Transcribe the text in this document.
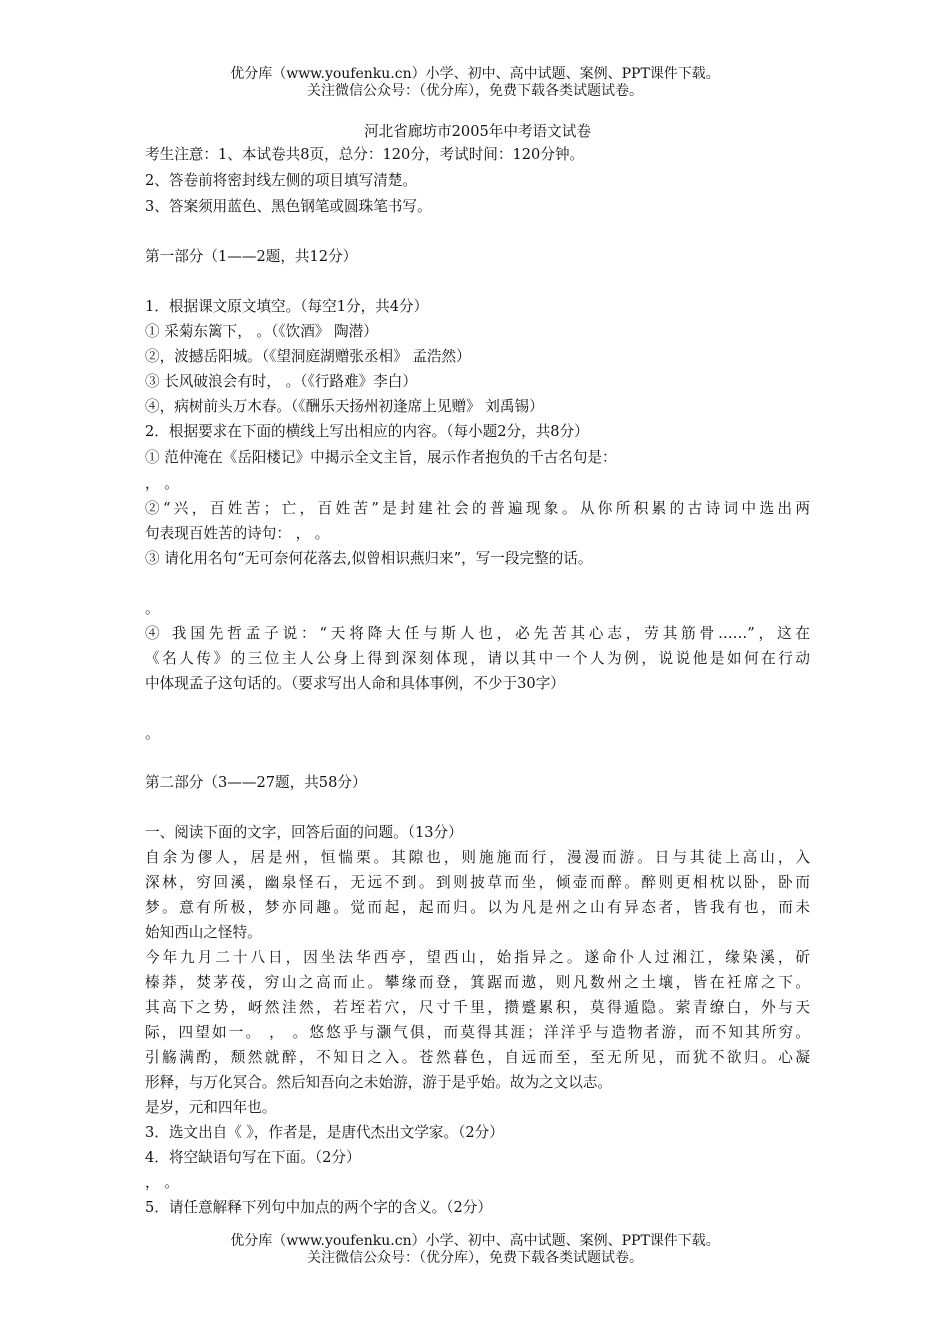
优分库（www.youfenku.cn）小学、初中、高中试题、案例、PPT课件下载。
关注微信公众号：（优分库），免费下载各类试题试卷。
河北省廊坊市2005年中考语文试卷
考生注意：1、本试卷共8页，总分：120分，考试时间：120分钟。
2、答卷前将密封线左侧的项目填写清楚。
3、答案须用蓝色、黑色钢笔或圆珠笔书写。
第一部分（1——2题，共12分）
1．根据课文原文填空。（每空1分，共4分）
① 采菊东篱下， 。（《饮酒》 陶潜）
②，波撼岳阳城。（《望洞庭湖赠张丞相》 孟浩然）
③ 长风破浪会有时， 。（《行路难》李白）
④，病树前头万木春。（《酬乐天扬州初逢席上见赠》 刘禹锡）
2．根据要求在下面的横线上写出相应的内容。（每小题2分，共8分）
① 范仲淹在《岳阳楼记》中揭示全文主旨，展示作者抱负的千古名句是：
， 。
②“兴，百姓苦；亡，百姓苦”是封建社会的普遍现象。从你所积累的古诗词中选出两
句表现百姓苦的诗句： ， 。
③ 请化用名句“无可奈何花落去,似曾相识燕归来”，写一段完整的话。
。
④ 我国先哲孟子说：“天将降大任与斯人也，必先苦其心志，劳其筋骨……”，这在
《名人传》的三位主人公身上得到深刻体现，请以其中一个人为例，说说他是如何在行动
中体现孟子这句话的。（要求写出人命和具体事例，不少于30字）
。
第二部分（3——27题，共58分）
一、阅读下面的文字，回答后面的问题。（13分）
自余为僇人，居是州，恒惴栗。其隙也，则施施而行，漫漫而游。日与其徒上高山，入
深林，穷回溪，幽泉怪石，无远不到。到则披草而坐，倾壶而醉。醉则更相枕以卧，卧而
梦。意有所极，梦亦同趣。觉而起，起而归。以为凡是州之山有异态者，皆我有也，而未
始知西山之怪特。
今年九月二十八日，因坐法华西亭，望西山，始指异之。遂命仆人过湘江，缘染溪，斫
榛莽，焚茅茷，穷山之高而止。攀缘而登，箕踞而遨，则凡数州之土壤，皆在衽席之下。
其高下之势，岈然洼然，若垤若穴，尺寸千里，攒蹙累积，莫得遁隐。萦青缭白，外与天
际，四望如一。 ， 。悠悠乎与灏气俱，而莫得其涯；洋洋乎与造物者游，而不知其所穷。
引觞满酌，颓然就醉，不知日之入。苍然暮色，自远而至，至无所见，而犹不欲归。心凝
形释，与万化冥合。然后知吾向之未始游，游于是乎始。故为之文以志。
是岁，元和四年也。
3．选文出自《 》，作者是，是唐代杰出文学家。（2分）
4．将空缺语句写在下面。（2分）
， 。
5．请任意解释下列句中加点的两个字的含义。（2分）
优分库（www.youfenku.cn）小学、初中、高中试题、案例、PPT课件下载。
关注微信公众号：（优分库），免费下载各类试题试卷。
